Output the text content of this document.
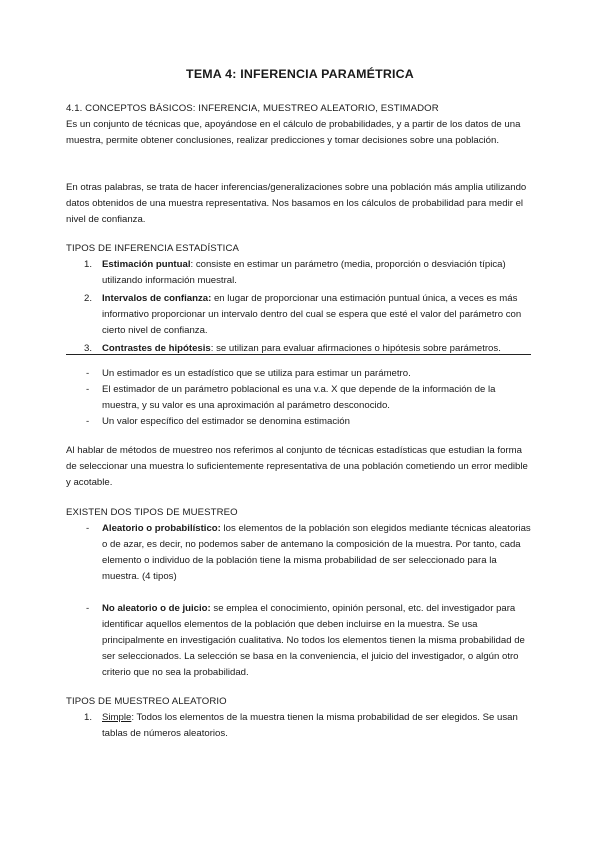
TEMA 4: INFERENCIA PARAMÉTRICA

4.1. CONCEPTOS BÁSICOS: INFERENCIA, MUESTREO ALEATORIO, ESTIMADOR

Es un conjunto de técnicas que, apoyándose en el cálculo de probabilidades, y a partir de los datos de una muestra, permite obtener conclusiones, realizar predicciones y tomar decisiones sobre una población.

En otras palabras, se trata de hacer inferencias/generalizaciones sobre una población más amplia utilizando datos obtenidos de una muestra representativa. Nos basamos en los cálculos de probabilidad para medir el nivel de confianza.

TIPOS DE INFERENCIA ESTADÍSTICA

1. Estimación puntual: consiste en estimar un parámetro (media, proporción o desviación típica) utilizando información muestral.
2. Intervalos de confianza: en lugar de proporcionar una estimación puntual única, a veces es más informativo proporcionar un intervalo dentro del cual se espera que esté el valor del parámetro con cierto nivel de confianza.
3. Contrastes de hipótesis: se utilizan para evaluar afirmaciones o hipótesis sobre parámetros.
- Un estimador es un estadístico que se utiliza para estimar un parámetro.
- El estimador de un parámetro poblacional es una v.a. X que depende de la información de la muestra, y su valor es una aproximación al parámetro desconocido.
- Un valor específico del estimador se denomina estimación

Al hablar de métodos de muestreo nos referimos al conjunto de técnicas estadísticas que estudian la forma de seleccionar una muestra lo suficientemente representativa de una población cometiendo un error medible y acotable.

EXISTEN DOS TIPOS DE MUESTREO

- Aleatorio o probabilístico: los elementos de la población son elegidos mediante técnicas aleatorias o de azar, es decir, no podemos saber de antemano la composición de la muestra. Por tanto, cada elemento o individuo de la población tiene la misma probabilidad de ser seleccionado para la muestra. (4 tipos)
- No aleatorio o de juicio: se emplea el conocimiento, opinión personal, etc. del investigador para identificar aquellos elementos de la población que deben incluirse en la muestra. Se usa principalmente en investigación cualitativa. No todos los elementos tienen la misma probabilidad de ser seleccionados. La selección se basa en la conveniencia, el juicio del investigador, o algún otro criterio que no sea la probabilidad.

TIPOS DE MUESTREO ALEATORIO

1. Simple: Todos los elementos de la muestra tienen la misma probabilidad de ser elegidos. Se usan tablas de números aleatorios.
